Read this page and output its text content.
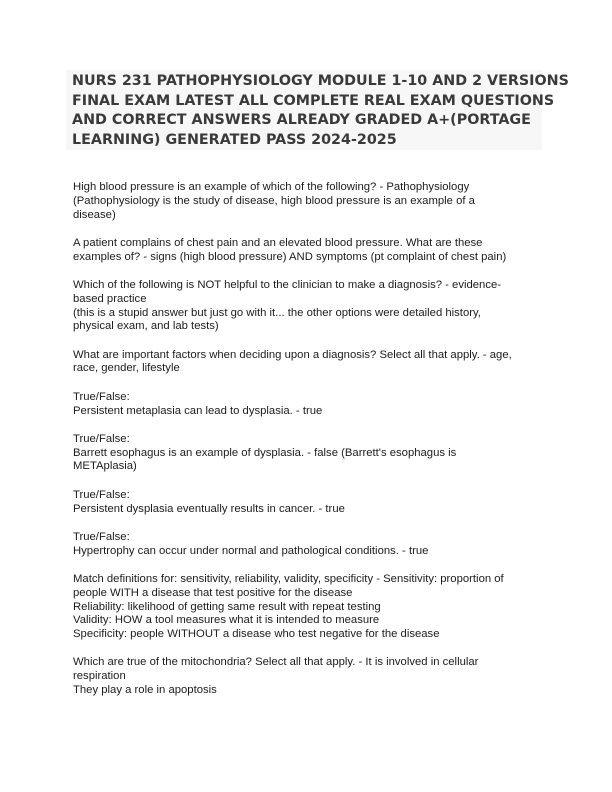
NURS 231 PATHOPHYSIOLOGY MODULE 1-10 AND 2 VERSIONS
FINAL EXAM LATEST ALL COMPLETE REAL EXAM QUESTIONS
AND CORRECT ANSWERS ALREADY GRADED A+(PORTAGE
LEARNING) GENERATED PASS 2024-2025
High blood pressure is an example of which of the following? - Pathophysiology
(Pathophysiology is the study of disease, high blood pressure is an example of a
disease)
A patient complains of chest pain and an elevated blood pressure. What are these
examples of? - signs (high blood pressure) AND symptoms (pt complaint of chest pain)
Which of the following is NOT helpful to the clinician to make a diagnosis? - evidence-
based practice
(this is a stupid answer but just go with it... the other options were detailed history,
physical exam, and lab tests)
What are important factors when deciding upon a diagnosis? Select all that apply. - age,
race, gender, lifestyle
True/False:
Persistent metaplasia can lead to dysplasia. - true
True/False:
Barrett esophagus is an example of dysplasia. - false (Barrett's esophagus is
METAplasia)
True/False:
Persistent dysplasia eventually results in cancer. - true
True/False:
Hypertrophy can occur under normal and pathological conditions. - true
Match definitions for: sensitivity, reliability, validity, specificity - Sensitivity: proportion of
people WITH a disease that test positive for the disease
Reliability: likelihood of getting same result with repeat testing
Validity: HOW a tool measures what it is intended to measure
Specificity: people WITHOUT a disease who test negative for the disease
Which are true of the mitochondria? Select all that apply. - It is involved in cellular
respiration
They play a role in apoptosis
